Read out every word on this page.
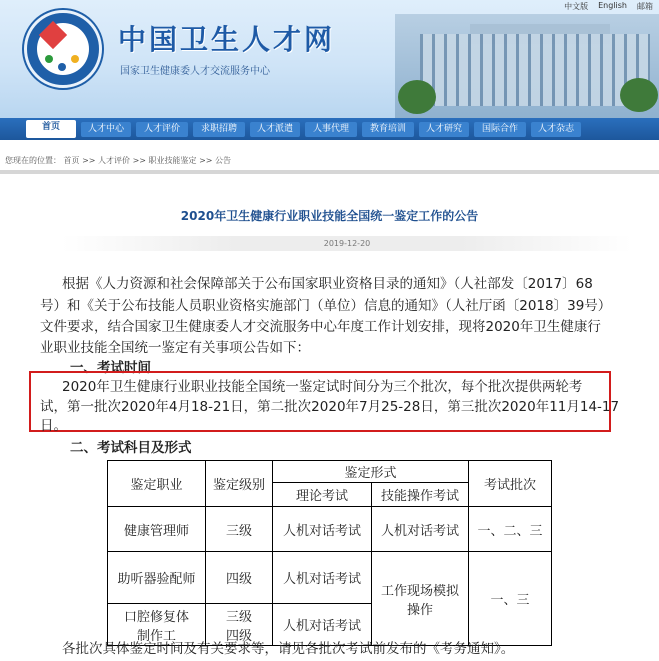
中文版 English 邮箱
中国卫生人才网
国家卫生健康委人才交流服务中心
首页	人才中心	人才评价	求职招聘	人才派遣	人事代理	教育培训	人才研究	国际合作	人才杂志
您现在的位置： 首页 >> 人才评价 >> 职业技能鉴定 >> 公告
2020年卫生健康行业职业技能全国统一鉴定工作的公告
2019-12-20
根据《人力资源和社会保障部关于公布国家职业资格目录的通知》（人社部发〔2017〕68
号）和《关于公布技能人员职业资格实施部门（单位）信息的通知》（人社厅函〔2018〕39号）
文件要求，结合国家卫生健康委人才交流服务中心年度工作计划安排，现将2020年卫生健康行
业职业技能全国统一鉴定有关事项公告如下：
一、考试时间
2020年卫生健康行业职业技能全国统一鉴定试时间分为三个批次，每个批次提供两轮考
试，第一批次2020年4月18-21日，第二批次2020年7月25-28日，第三批次2020年11月14-17
日。
二、考试科目及形式
鉴定职业	鉴定级别	鉴定形式		考试批次
		理论考试	技能操作考试	
健康管理师	三级	人机对话考试	人机对话考试	一、二、三
助听器验配师	四级	人机对话考试	工作现场模拟操作	一、三
口腔修复体制作工	三级 四级	人机对话考试		
各批次具体鉴定时间及有关要求等，请见各批次考试前发布的《考务通知》。
